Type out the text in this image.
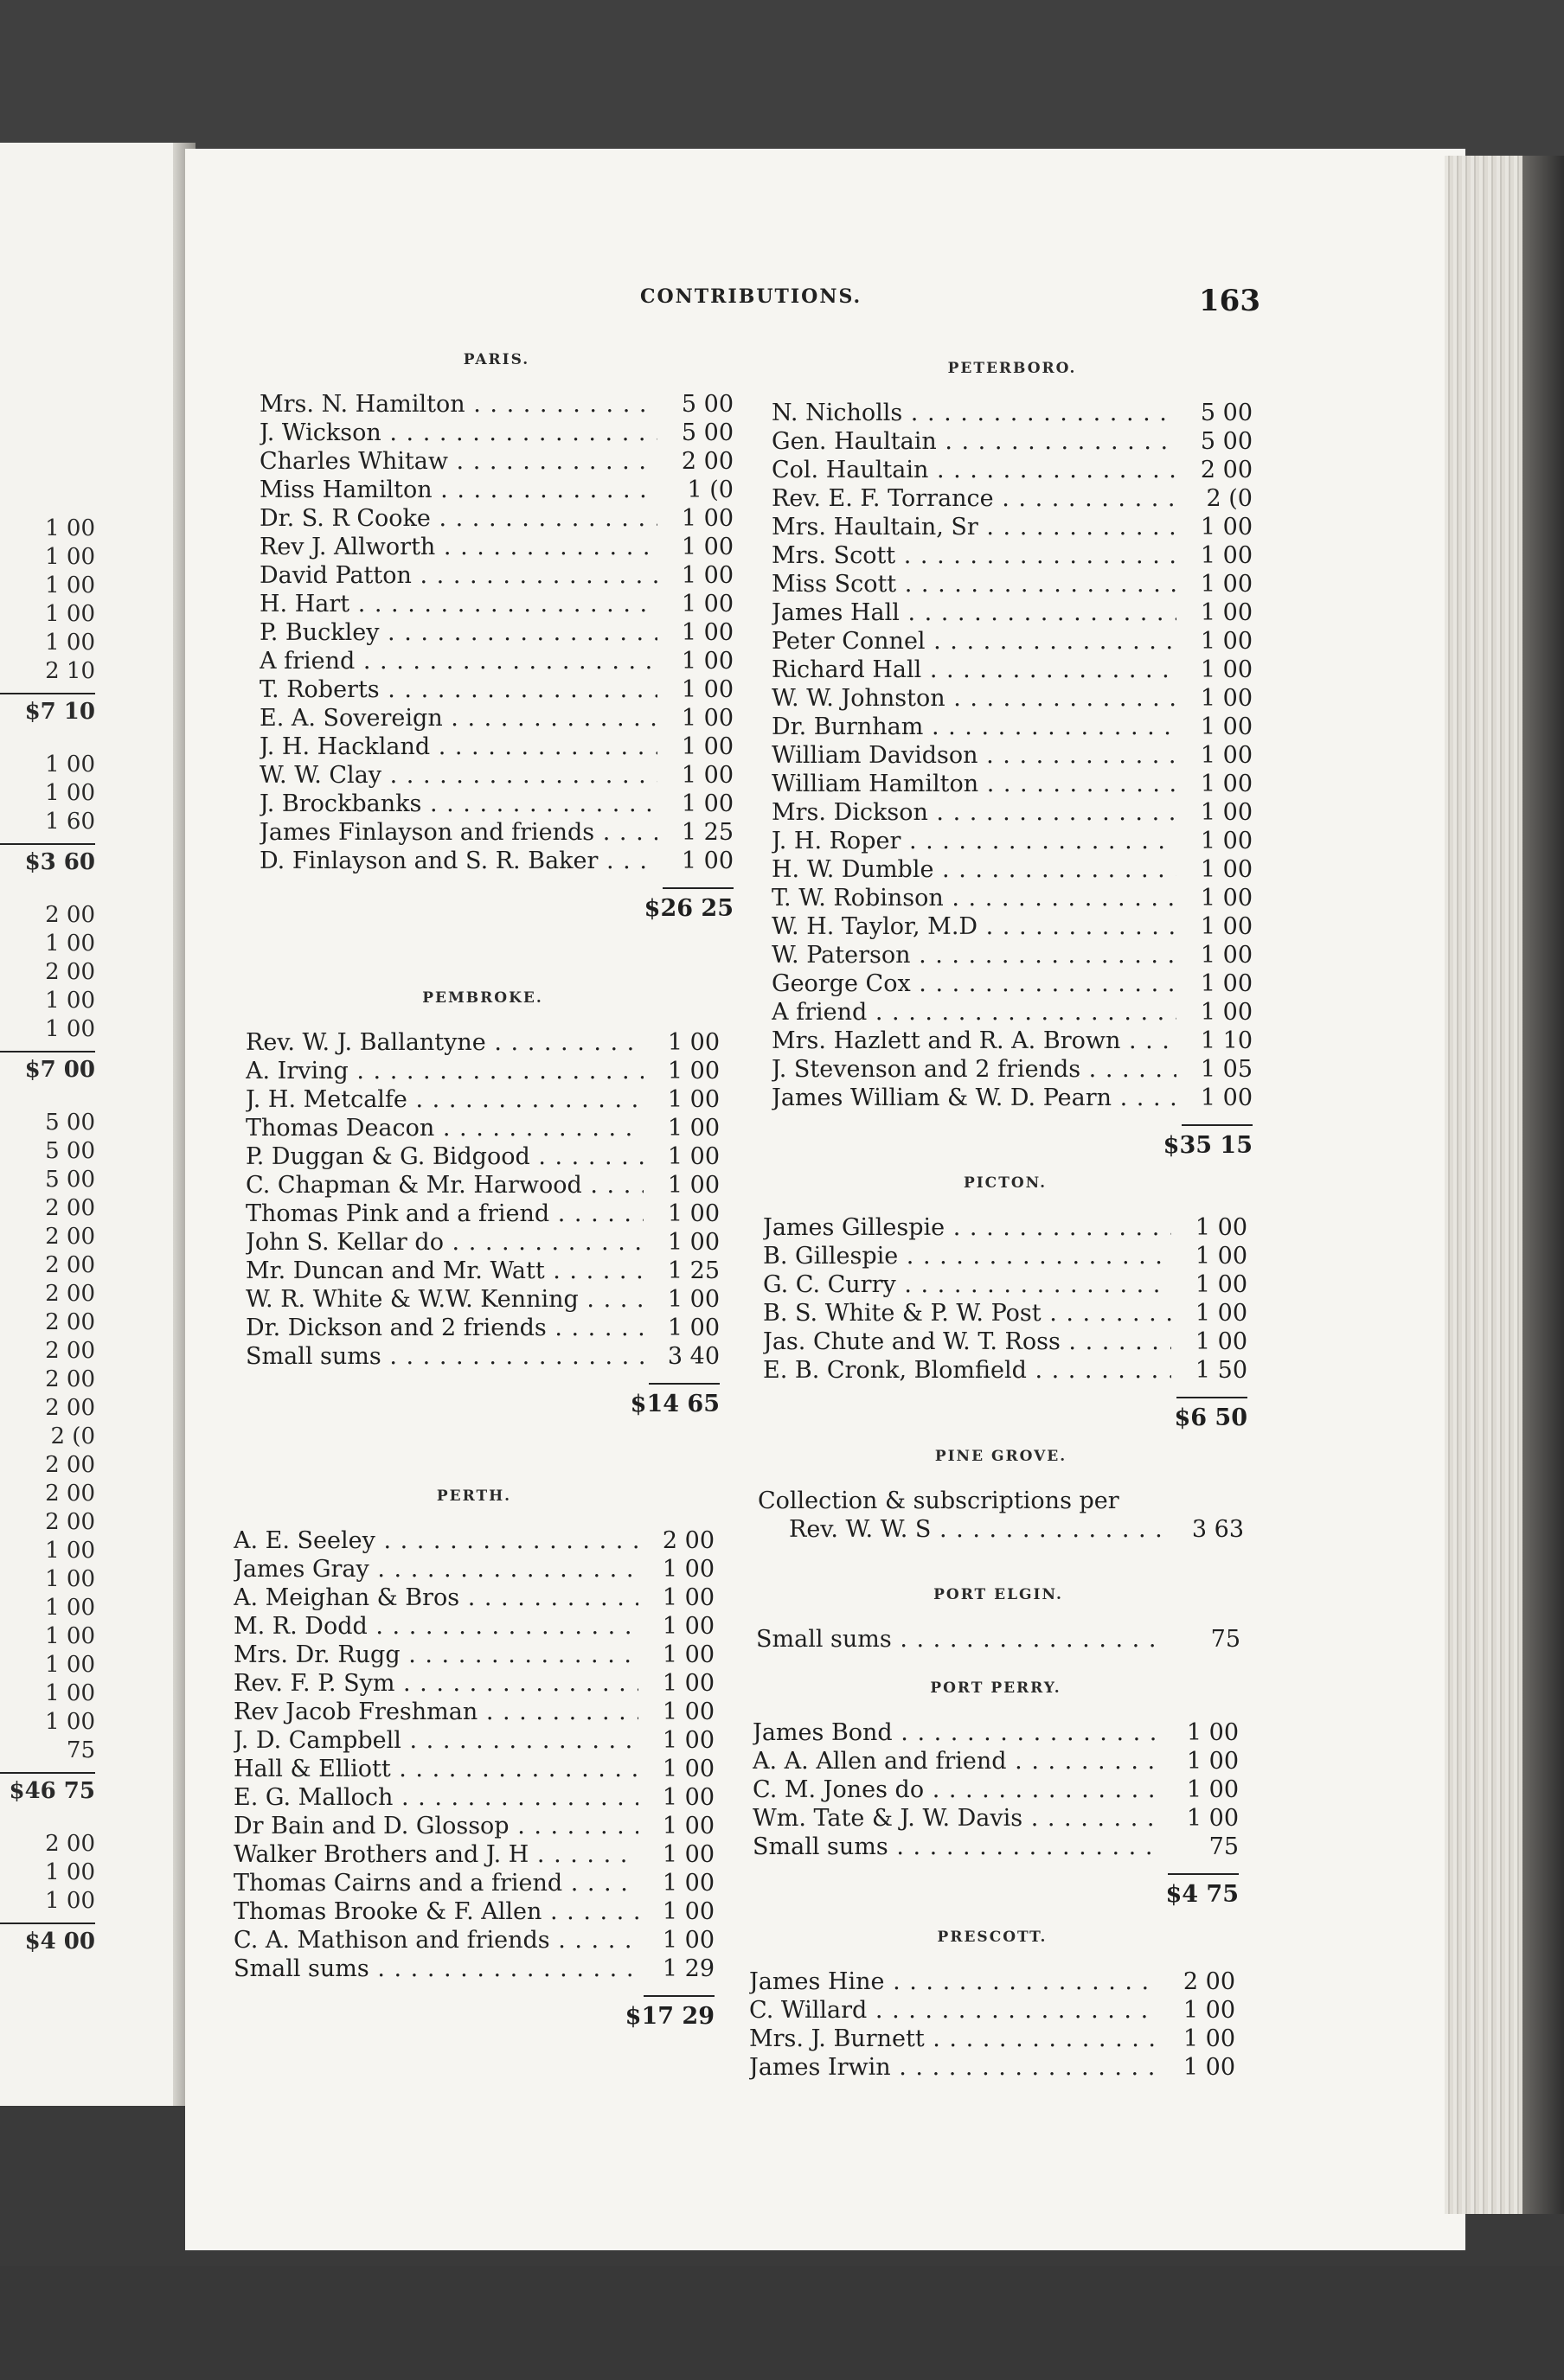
1 00
1 00
1 00
1 00
1 00
2 10
$7 10
1 00
1 00
1 60
$3 60
2 00
1 00
2 00
1 00
1 00
$7 00
5 00
5 00
5 00
2 00
2 00
2 00
2 00
2 00
2 00
2 00
2 00
2 (0
2 00
2 00
2 00
1 00
1 00
1 00
1 00
1 00
1 00
1 00
75
$46 75
2 00
1 00
1 00
$4 00
CONTRIBUTIONS.	163
PARIS.
Mrs. N. Hamilton . . .	5 00
J. Wickson . . .	5 00
Charles Whitaw . . .	2 00
Miss Hamilton . . .	1 (0
Dr. S. R Cooke . . .	1 00
Rev J. Allworth . . .	1 00
David Patton . . .	1 00
H. Hart . . .	1 00
P. Buckley . . .	1 00
A friend . . .	1 00
T. Roberts . . .	1 00
E. A. Sovereign . . .	1 00
J. H. Hackland . . .	1 00
W. W. Clay . . .	1 00
J. Brockbanks . . .	1 00
James Finlayson and friends . . .	1 25
D. Finlayson and S. R. Baker . . .	1 00
$26 25
PEMBROKE.
Rev. W. J. Ballantyne . . .	1 00
A. Irving . . .	1 00
J. H. Metcalfe . . .	1 00
Thomas Deacon . . .	1 00
P. Duggan & G. Bidgood . . .	1 00
C. Chapman & Mr. Harwood . . .	1 00
Thomas Pink and a friend . . .	1 00
John S. Kellar do . . .	1 00
Mr. Duncan and Mr. Watt . . .	1 25
W. R. White & W.W. Kenning . . .	1 00
Dr. Dickson and 2 friends . . .	1 00
Small sums . . .	3 40
$14 65
PERTH.
A. E. Seeley . . .	2 00
James Gray . . .	1 00
A. Meighan & Bros . . .	1 00
M. R. Dodd . . .	1 00
Mrs. Dr. Rugg . . .	1 00
Rev. F. P. Sym . . .	1 00
Rev Jacob Freshman . . .	1 00
J. D. Campbell . . .	1 00
Hall & Elliott . . .	1 00
E. G. Malloch . . .	1 00
Dr Bain and D. Glossop . . .	1 00
Walker Brothers and J. H . . .	1 00
Thomas Cairns and a friend . . .	1 00
Thomas Brooke & F. Allen . . .	1 00
C. A. Mathison and friends . . .	1 00
Small sums . . .	1 29
$17 29
PETERBORO.
N. Nicholls . . .	5 00
Gen. Haultain . . .	5 00
Col. Haultain . . .	2 00
Rev. E. F. Torrance . . .	2 (0
Mrs. Haultain, Sr . . .	1 00
Mrs. Scott . . .	1 00
Miss Scott . . .	1 00
James Hall . . .	1 00
Peter Connel . . .	1 00
Richard Hall . . .	1 00
W. W. Johnston . . .	1 00
Dr. Burnham . . .	1 00
William Davidson . . .	1 00
William Hamilton . . .	1 00
Mrs. Dickson . . .	1 00
J. H. Roper . . .	1 00
H. W. Dumble . . .	1 00
T. W. Robinson . . .	1 00
W. H. Taylor, M.D . . .	1 00
W. Paterson . . .	1 00
George Cox . . .	1 00
A friend . . .	1 00
Mrs. Hazlett and R. A. Brown . . .	1 10
J. Stevenson and 2 friends . . .	1 05
James William & W. D. Pearn . . .	1 00
$35 15
PICTON.
James Gillespie . . .	1 00
B. Gillespie . . .	1 00
G. C. Curry . . .	1 00
B. S. White & P. W. Post . . .	1 00
Jas. Chute and W. T. Ross . . .	1 00
E. B. Cronk, Blomfield . . .	1 50
$6 50
PINE GROVE.
Collection & subscriptions per
Rev. W. W. S . . .	3 63
PORT ELGIN.
Small sums . . .	75
PORT PERRY.
James Bond . . .	1 00
A. A. Allen and friend . . .	1 00
C. M. Jones do . . .	1 00
Wm. Tate & J. W. Davis . . .	1 00
Small sums . . .	75
$4 75
PRESCOTT.
James Hine . . .	2 00
C. Willard . . .	1 00
Mrs. J. Burnett . . .	1 00
James Irwin . . .	1 00
